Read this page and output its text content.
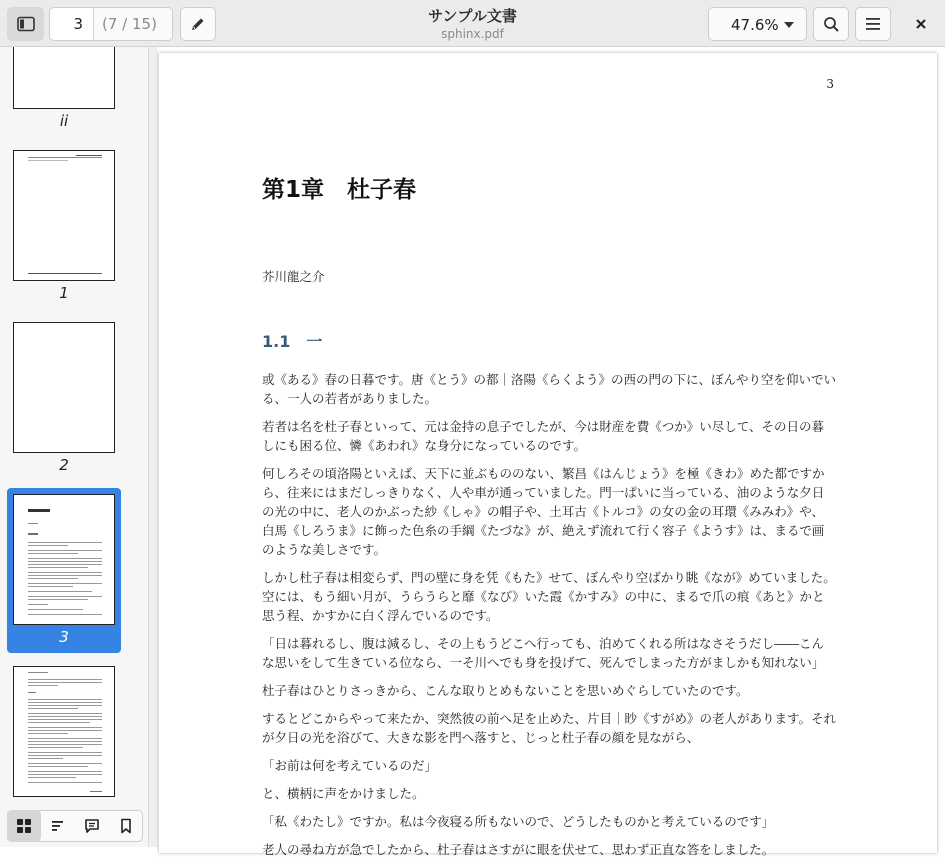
3
(7 / 15)	サンプル文書
sphinx.pdf	47.6%
ii
1
2
3
3
第1章　杜子春
芥川龍之介
1.1　一

或《ある》春の日暮です。唐《とう》の都｜洛陽《らくよう》の西の門の下に、ぼんやり空を仰いでいる、一人の若者がありました。

若者は名を杜子春といって、元は金持の息子でしたが、今は財産を費《つか》い尽して、その日の暮しにも困る位、憐《あわれ》な身分になっているのです。

何しろその頃洛陽といえば、天下に並ぶもののない、繁昌《はんじょう》を極《きわ》めた都ですから、往来にはまだしっきりなく、人や車が通っていました。門一ぱいに当っている、油のような夕日の光の中に、老人のかぶった紗《しゃ》の帽子や、土耳古《トルコ》の女の金の耳環《みみわ》や、白馬《しろうま》に飾った色糸の手綱《たづな》が、絶えず流れて行く容子《ようす》は、まるで画のような美しさです。

しかし杜子春は相変らず、門の壁に身を凭《もた》せて、ぼんやり空ばかり眺《なが》めていました。空には、もう細い月が、うらうらと靡《なび》いた霞《かすみ》の中に、まるで爪の痕《あと》かと思う程、かすかに白く浮んでいるのです。

「日は暮れるし、腹は減るし、その上もうどこへ行っても、泊めてくれる所はなさそうだし――こんな思いをして生きている位なら、一そ川へでも身を投げて、死んでしまった方がましかも知れない」

杜子春はひとりさっきから、こんな取りとめもないことを思いめぐらしていたのです。

するとどこからやって来たか、突然彼の前へ足を止めた、片目｜眇《すがめ》の老人があります。それが夕日の光を浴びて、大きな影を門へ落すと、じっと杜子春の顔を見ながら、

「お前は何を考えているのだ」

と、横柄に声をかけました。

「私《わたし》ですか。私は今夜寝る所もないので、どうしたものかと考えているのです」

老人の尋ね方が急でしたから、杜子春はさすがに眼を伏せて、思わず正直な答をしました。
